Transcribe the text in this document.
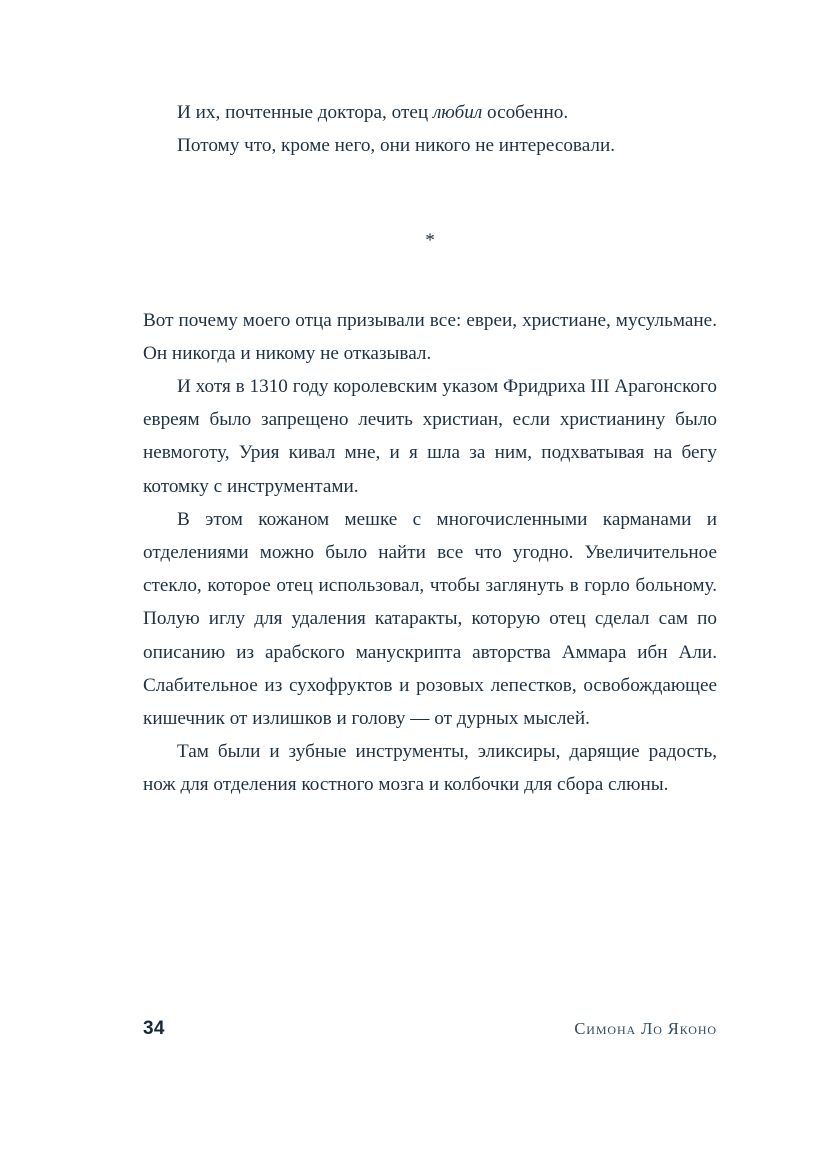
И их, почтенные доктора, отец любил особенно.

Потому что, кроме него, они никого не интересовали.

*

Вот почему моего отца призывали все: евреи, христиане, мусульмане. Он никогда и никому не отказывал.

И хотя в 1310 году королевским указом Фридриха III Арагонского евреям было запрещено лечить христиан, если христианину было невмоготу, Урия кивал мне, и я шла за ним, подхватывая на бегу котомку с инструментами.

В этом кожаном мешке с многочисленными карманами и отделениями можно было найти все что угодно. Увеличительное стекло, которое отец использовал, чтобы заглянуть в горло больному. Полую иглу для удаления катаракты, которую отец сделал сам по описанию из арабского манускрипта авторства Аммара ибн Али. Слабительное из сухофруктов и розовых лепестков, освобождающее кишечник от излишков и голову — от дурных мыслей.

Там были и зубные инструменты, эликсиры, дарящие радость, нож для отделения костного мозга и колбочки для сбора слюны.

34	Симона Ло Яконо
